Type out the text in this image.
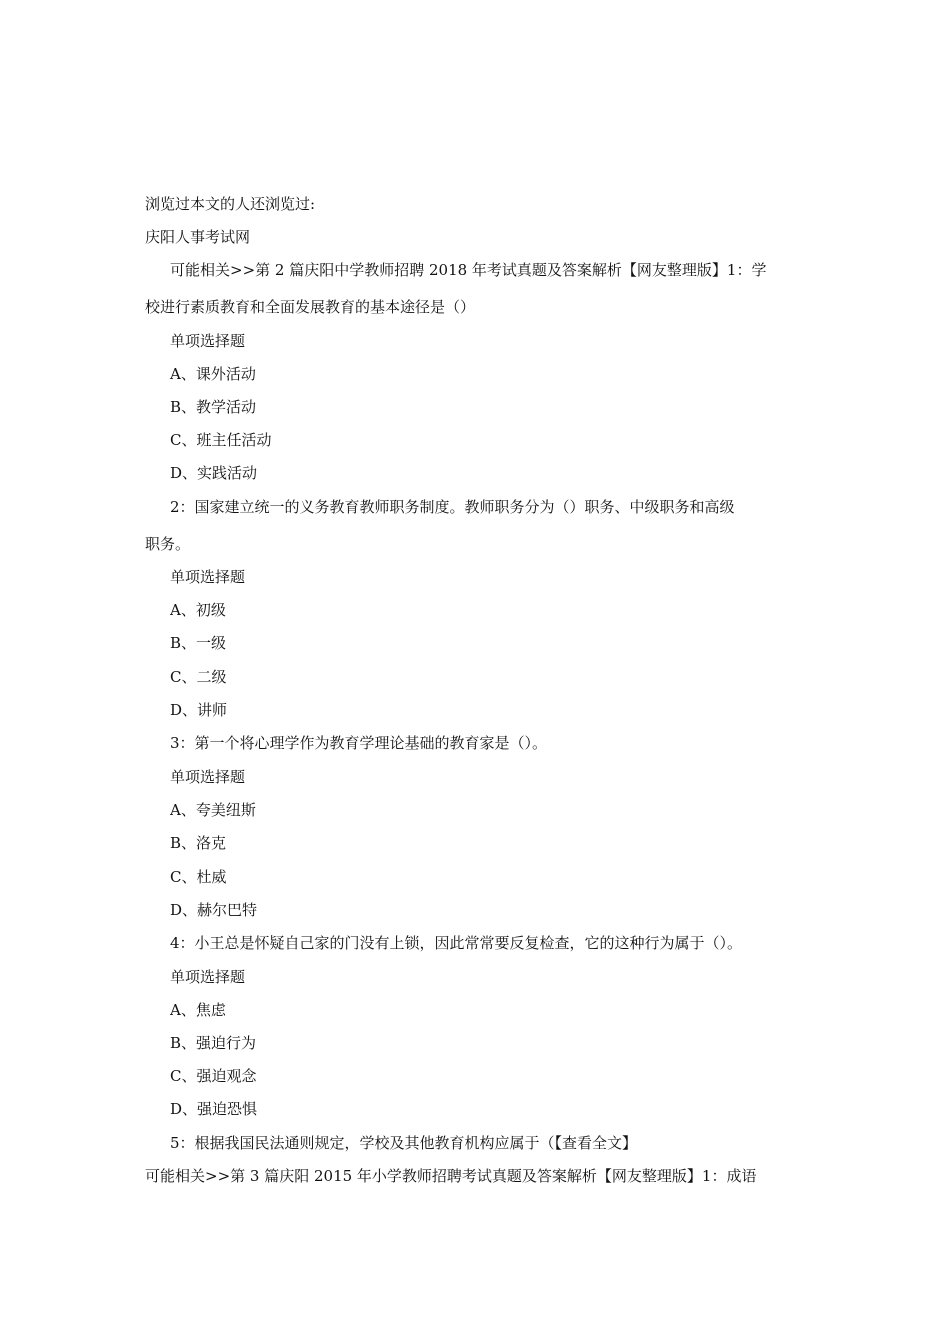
浏览过本文的人还浏览过:
庆阳人事考试网
可能相关>>第 2 篇庆阳中学教师招聘 2018 年考试真题及答案解析【网友整理版】1：学
校进行素质教育和全面发展教育的基本途径是（）
单项选择题
A、课外活动
B、教学活动
C、班主任活动
D、实践活动
2：国家建立统一的义务教育教师职务制度。教师职务分为（）职务、中级职务和高级
职务。
单项选择题
A、初级
B、一级
C、二级
D、讲师
3：第一个将心理学作为教育学理论基础的教育家是（）。
单项选择题
A、夸美纽斯
B、洛克
C、杜威
D、赫尔巴特
4：小王总是怀疑自己家的门没有上锁，因此常常要反复检查，它的这种行为属于（）。
单项选择题
A、焦虑
B、强迫行为
C、强迫观念
D、强迫恐惧
5：根据我国民法通则规定，学校及其他教育机构应属于（【查看全文】
可能相关>>第 3 篇庆阳 2015 年小学教师招聘考试真题及答案解析【网友整理版】1：成语
